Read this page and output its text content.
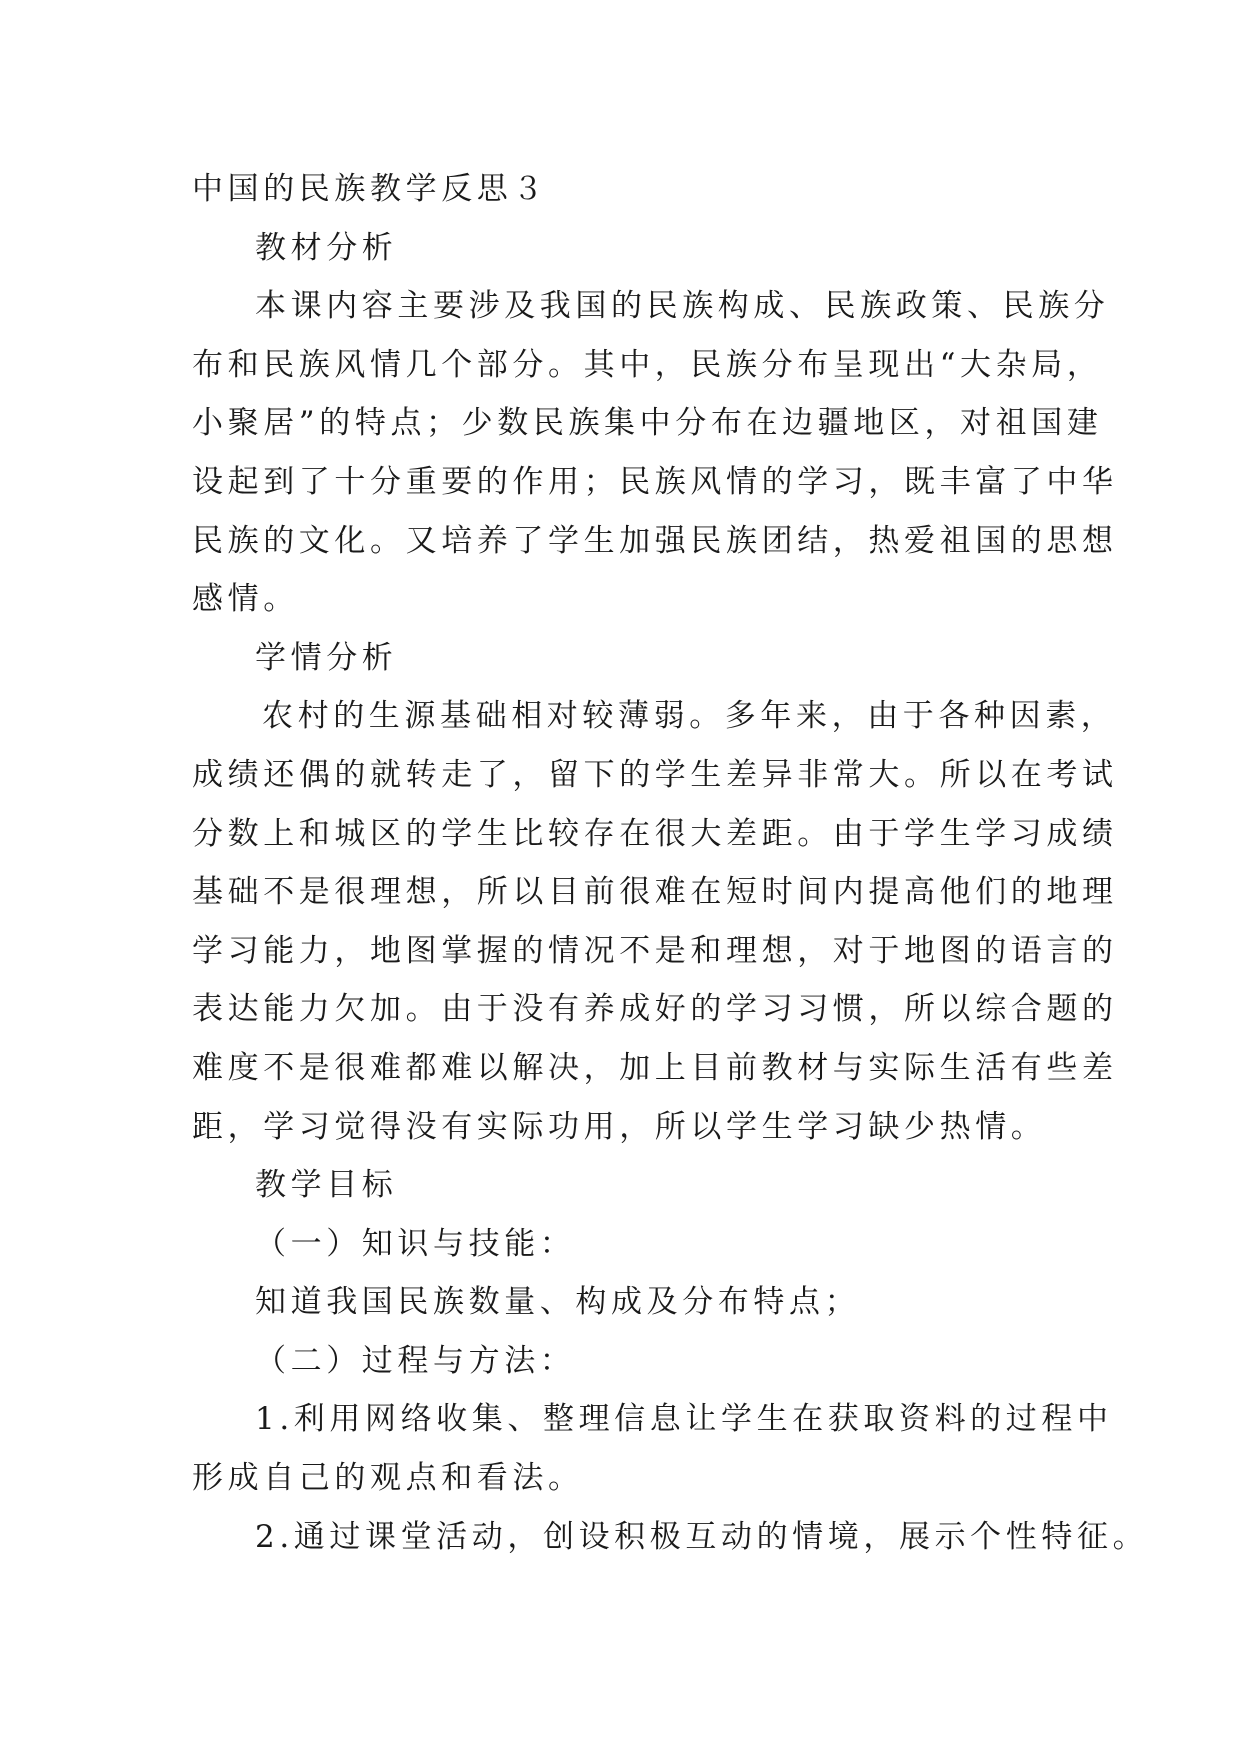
中国的民族教学反思３
教材分析
本课内容主要涉及我国的民族构成、民族政策、民族分
布和民族风情几个部分。其中，民族分布呈现出“大杂局，
小聚居”的特点；少数民族集中分布在边疆地区，对祖国建
设起到了十分重要的作用；民族风情的学习，既丰富了中华
民族的文化。又培养了学生加强民族团结，热爱祖国的思想
感情。
学情分析
农村的生源基础相对较薄弱。多年来，由于各种因素，
成绩还偶的就转走了，留下的学生差异非常大。所以在考试
分数上和城区的学生比较存在很大差距。由于学生学习成绩
基础不是很理想，所以目前很难在短时间内提高他们的地理
学习能力，地图掌握的情况不是和理想，对于地图的语言的
表达能力欠加。由于没有养成好的学习习惯，所以综合题的
难度不是很难都难以解决，加上目前教材与实际生活有些差
距，学习觉得没有实际功用，所以学生学习缺少热情。
教学目标
（一）知识与技能：
知道我国民族数量、构成及分布特点；
（二）过程与方法：
1.利用网络收集、整理信息让学生在获取资料的过程中
形成自己的观点和看法。
2.通过课堂活动，创设积极互动的情境，展示个性特征。
